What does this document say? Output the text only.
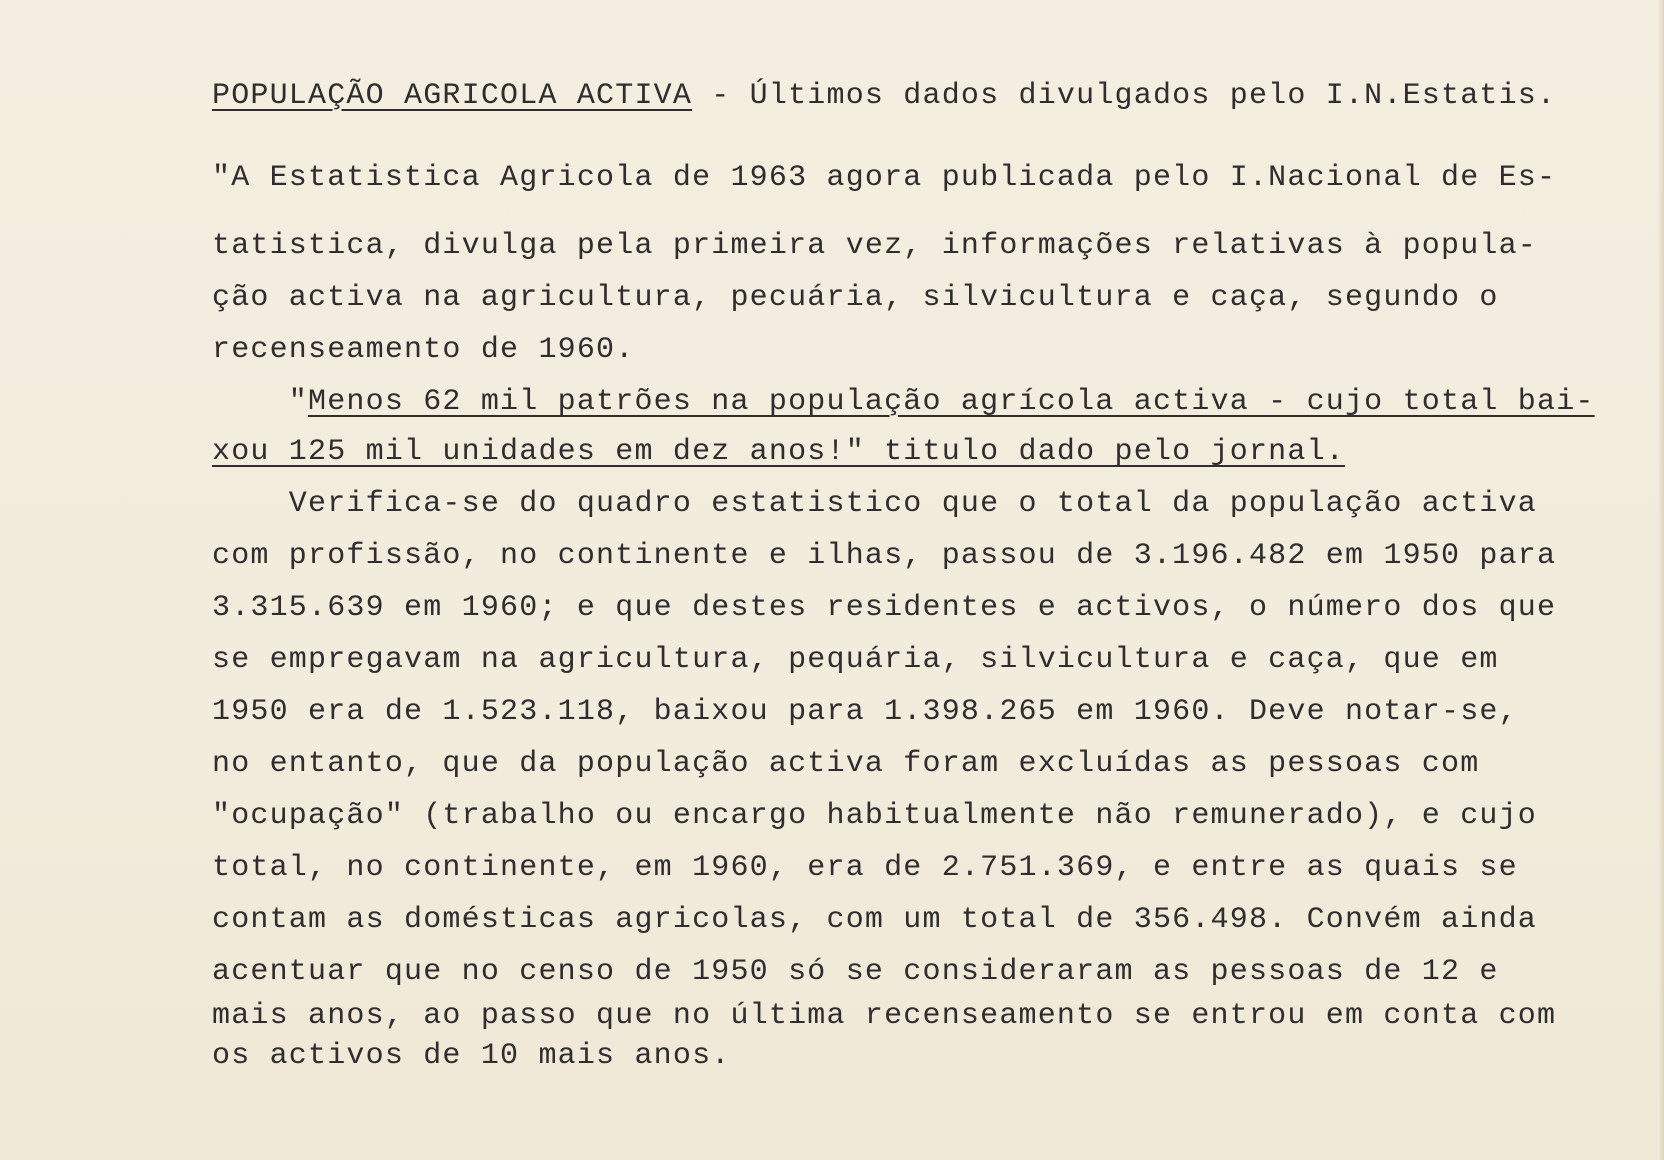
POPULAÇÃO AGRICOLA ACTIVA - Últimos dados divulgados pelo I.N.Estatis.
"A Estatistica Agricola de 1963 agora publicada pelo I.Nacional de Es-
tatistica, divulga pela primeira vez, informações relativas à popula-
ção activa na agricultura, pecuária, silvicultura e caça, segundo o
recenseamento de 1960.
"Menos 62 mil patrões na população agrícola activa - cujo total bai-
xou 125 mil unidades em dez anos!" titulo dado pelo jornal.
Verifica-se do quadro estatistico que o total da população activa
com profissão, no continente e ilhas, passou de 3.196.482 em 1950 para
3.315.639 em 1960; e que destes residentes e activos, o número dos que
se empregavam na agricultura, pequária, silvicultura e caça, que em
1950 era de 1.523.118, baixou para 1.398.265 em 1960. Deve notar-se,
no entanto, que da população activa foram excluídas as pessoas com
"ocupação" (trabalho ou encargo habitualmente não remunerado), e cujo
total, no continente, em 1960, era de 2.751.369, e entre as quais se
contam as domésticas agricolas, com um total de 356.498. Convém ainda
acentuar que no censo de 1950 só se consideraram as pessoas de 12 e
mais anos, ao passo que no última recenseamento se entrou em conta com
os activos de 10 mais anos.
